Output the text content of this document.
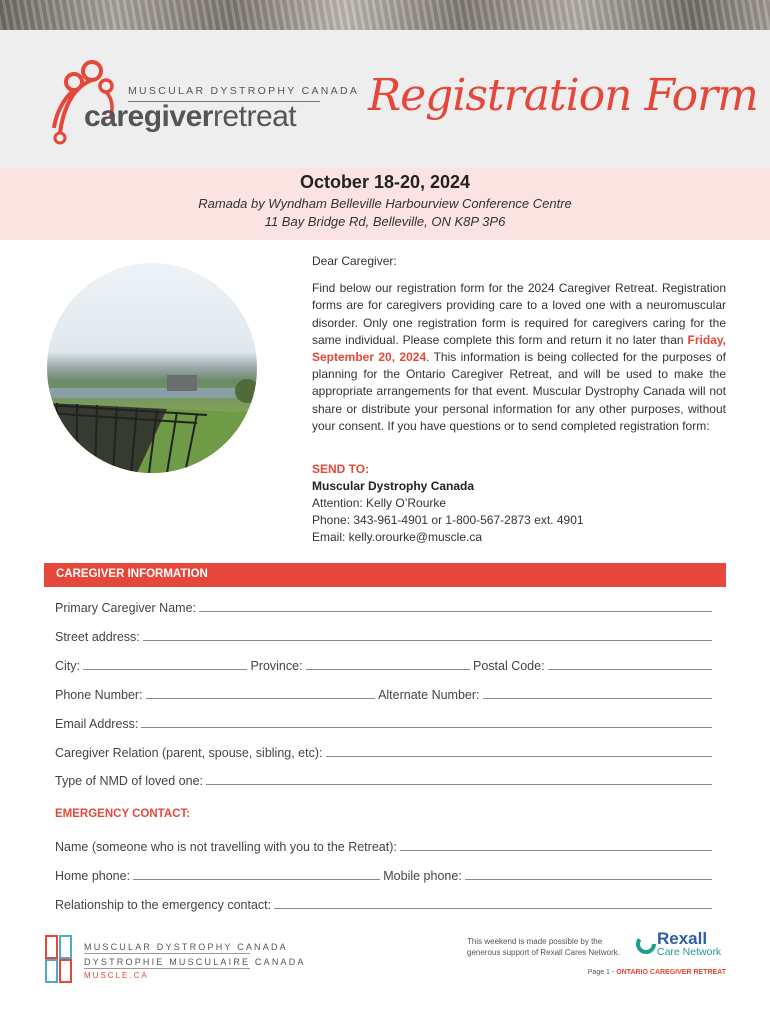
MUSCULAR DYSTROPHY CANADA
caregiverretreat Registration Form
October 18-20, 2024
Ramada by Wyndham Belleville Harbourview Conference Centre
11 Bay Bridge Rd, Belleville, ON K8P 3P6

Dear Caregiver:

Find below our registration form for the 2024 Caregiver Retreat. Registration forms are for caregivers providing care to a loved one with a neuromuscular disorder. Only one registration form is required for caregivers caring for the same individual. Please complete this form and return it no later than Friday, September 20, 2024. This information is being collected for the purposes of planning for the Ontario Caregiver Retreat, and will be used to make the appropriate arrangements for that event. Muscular Dystrophy Canada will not share or distribute your personal information for any other purposes, without your consent. If you have questions or to send completed registration form:

SEND TO:
Muscular Dystrophy Canada
Attention: Kelly O’Rourke
Phone: 343-961-4901 or 1-800-567-2873 ext. 4901
Email: kelly.orourke@muscle.ca
CAREGIVER INFORMATION
Primary Caregiver Name:
Street address:
City:	Province:	Postal Code:
Phone Number:	Alternate Number:
Email Address:
Caregiver Relation (parent, spouse, sibling, etc):
Type of NMD of loved one:
EMERGENCY CONTACT:
Name (someone who is not travelling with you to the Retreat):
Home phone:	Mobile phone:
Relationship to the emergency contact:
MUSCULAR DYSTROPHY CANADA
DYSTROPHIE MUSCULAIRE CANADA
MUSCLE.CA
This weekend is made possible by the generous support of Rexall Cares Network.
Rexall
Care Network
Page 1 - ONTARIO CAREGIVER RETREAT
